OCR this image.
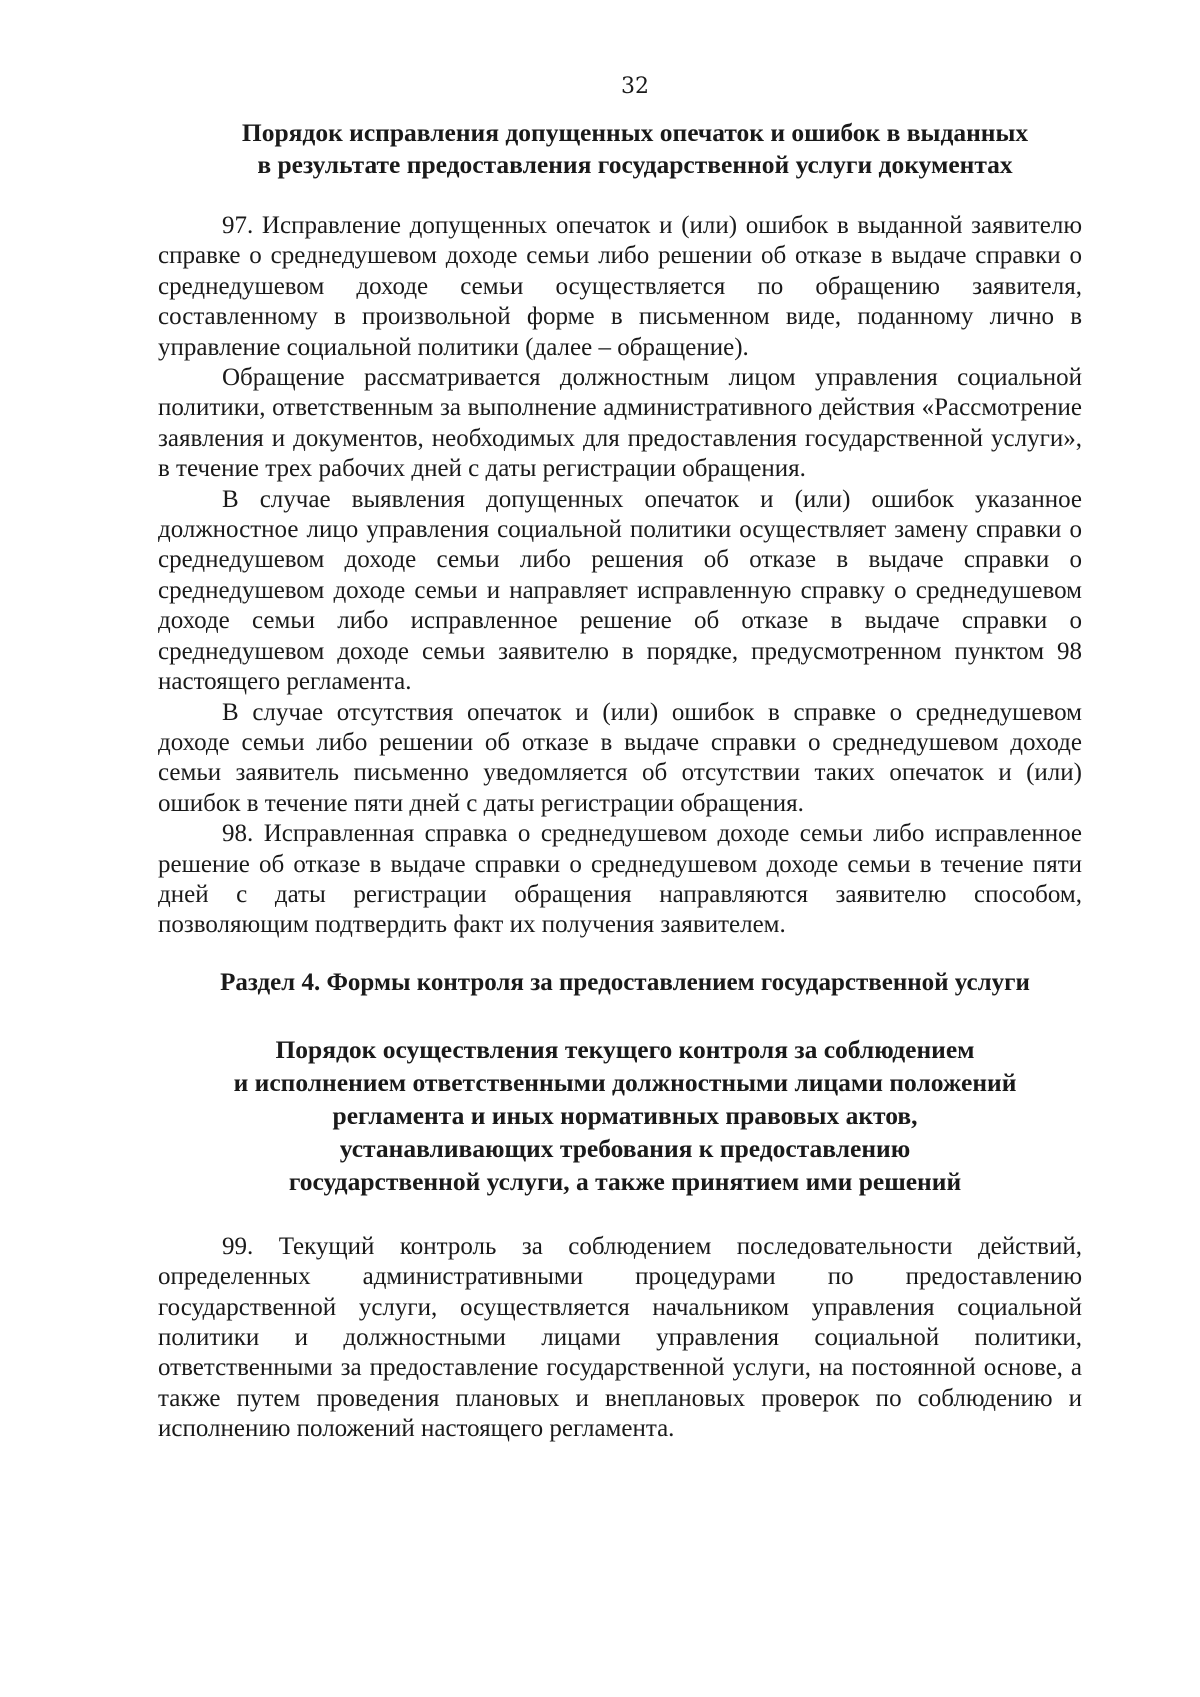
32
Порядок исправления допущенных опечаток и ошибок в выданных
в результате предоставления государственной услуги документах

97. Исправление допущенных опечаток и (или) ошибок в выданной заявителю справке о среднедушевом доходе семьи либо решении об отказе в выдаче справки о среднедушевом доходе семьи осуществляется по обращению заявителя, составленному в произвольной форме в письменном виде, поданному лично в управление социальной политики (далее – обращение).

Обращение рассматривается должностным лицом управления социальной политики, ответственным за выполнение административного действия «Рассмотрение заявления и документов, необходимых для предоставления государственной услуги», в течение трех рабочих дней с даты регистрации обращения.

В случае выявления допущенных опечаток и (или) ошибок указанное должностное лицо управления социальной политики осуществляет замену справки о среднедушевом доходе семьи либо решения об отказе в выдаче справки о среднедушевом доходе семьи и направляет исправленную справку о среднедушевом доходе семьи либо исправленное решение об отказе в выдаче справки о среднедушевом доходе семьи заявителю в порядке, предусмотренном пунктом 98 настоящего регламента.

В случае отсутствия опечаток и (или) ошибок в справке о среднедушевом доходе семьи либо решении об отказе в выдаче справки о среднедушевом доходе семьи заявитель письменно уведомляется об отсутствии таких опечаток и (или) ошибок в течение пяти дней с даты регистрации обращения.

98. Исправленная справка о среднедушевом доходе семьи либо исправленное решение об отказе в выдаче справки о среднедушевом доходе семьи в течение пяти дней с даты регистрации обращения направляются заявителю способом, позволяющим подтвердить факт их получения заявителем.

Раздел 4. Формы контроля за предоставлением государственной услуги
Порядок осуществления текущего контроля за соблюдением
и исполнением ответственными должностными лицами положений
регламента и иных нормативных правовых актов,
устанавливающих требования к предоставлению
государственной услуги, а также принятием ими решений

99. Текущий контроль за соблюдением последовательности действий, определенных административными процедурами по предоставлению государственной услуги, осуществляется начальником управления социальной политики и должностными лицами управления социальной политики, ответственными за предоставление государственной услуги, на постоянной основе, а также путем проведения плановых и внеплановых проверок по соблюдению и исполнению положений настоящего регламента.
